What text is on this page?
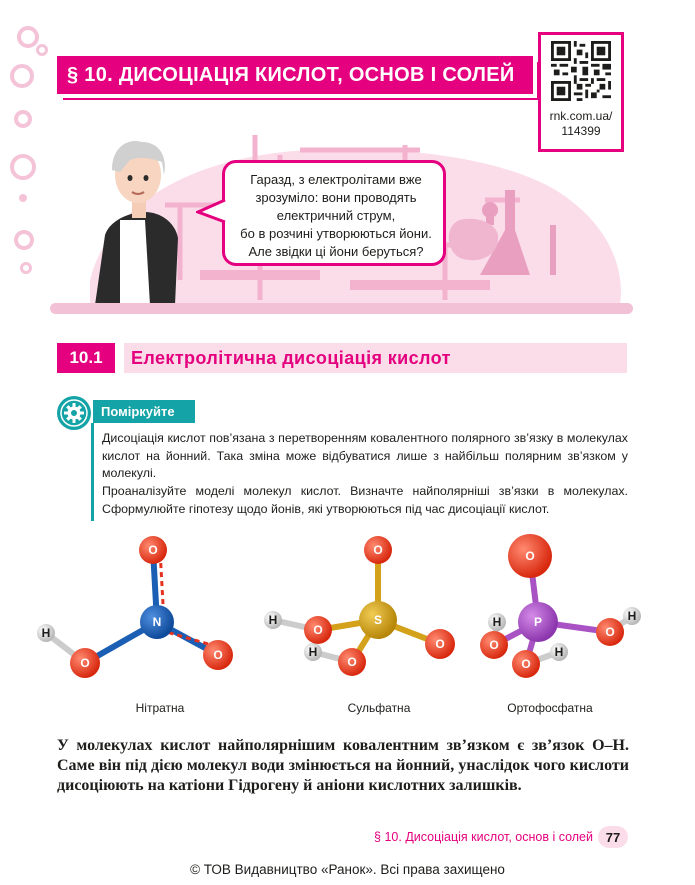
§ 10. ДИСОЦІАЦІЯ КИСЛОТ, ОСНОВ І СОЛЕЙ
rnk.com.ua/
114399
Гаразд, з електролітами вже
зрозуміло: вони проводять
електричний струм,
бо в розчині утворюються йони.
Але звідки ці йони беруться?
10.1	Електролітична дисоціація кислот
Поміркуйте
Дисоціація кислот пов’язана з перетворенням ковалентного полярного зв’язку в молекулах кислот на йонний. Така зміна може відбуватися лише з найбільш полярним зв’язком у молекулі.
Проаналізуйте моделі молекул кислот. Визначте найполярніші зв’язки в молекулах. Сформулюйте гіпотезу щодо йонів, які утворюються під час дисоціації кислот.
N
O
O
O
H
S
O
O
O
O
H
H
P
O
O
O
O
H	H
H
Нітратна	Сульфатна	Ортофосфатна
У молекулах кислот найполярнішим ковалентним зв’язком є зв’язок O–H. Саме він під дією молекул води змінюється на йонний, унаслідок чого кислоти дисоціюють на катіони Гідрогену й аніони кислотних залишків.
§ 10. Дисоціація кислот, основ і солей 77
© ТОВ Видавництво «Ранок». Всі права захищено
